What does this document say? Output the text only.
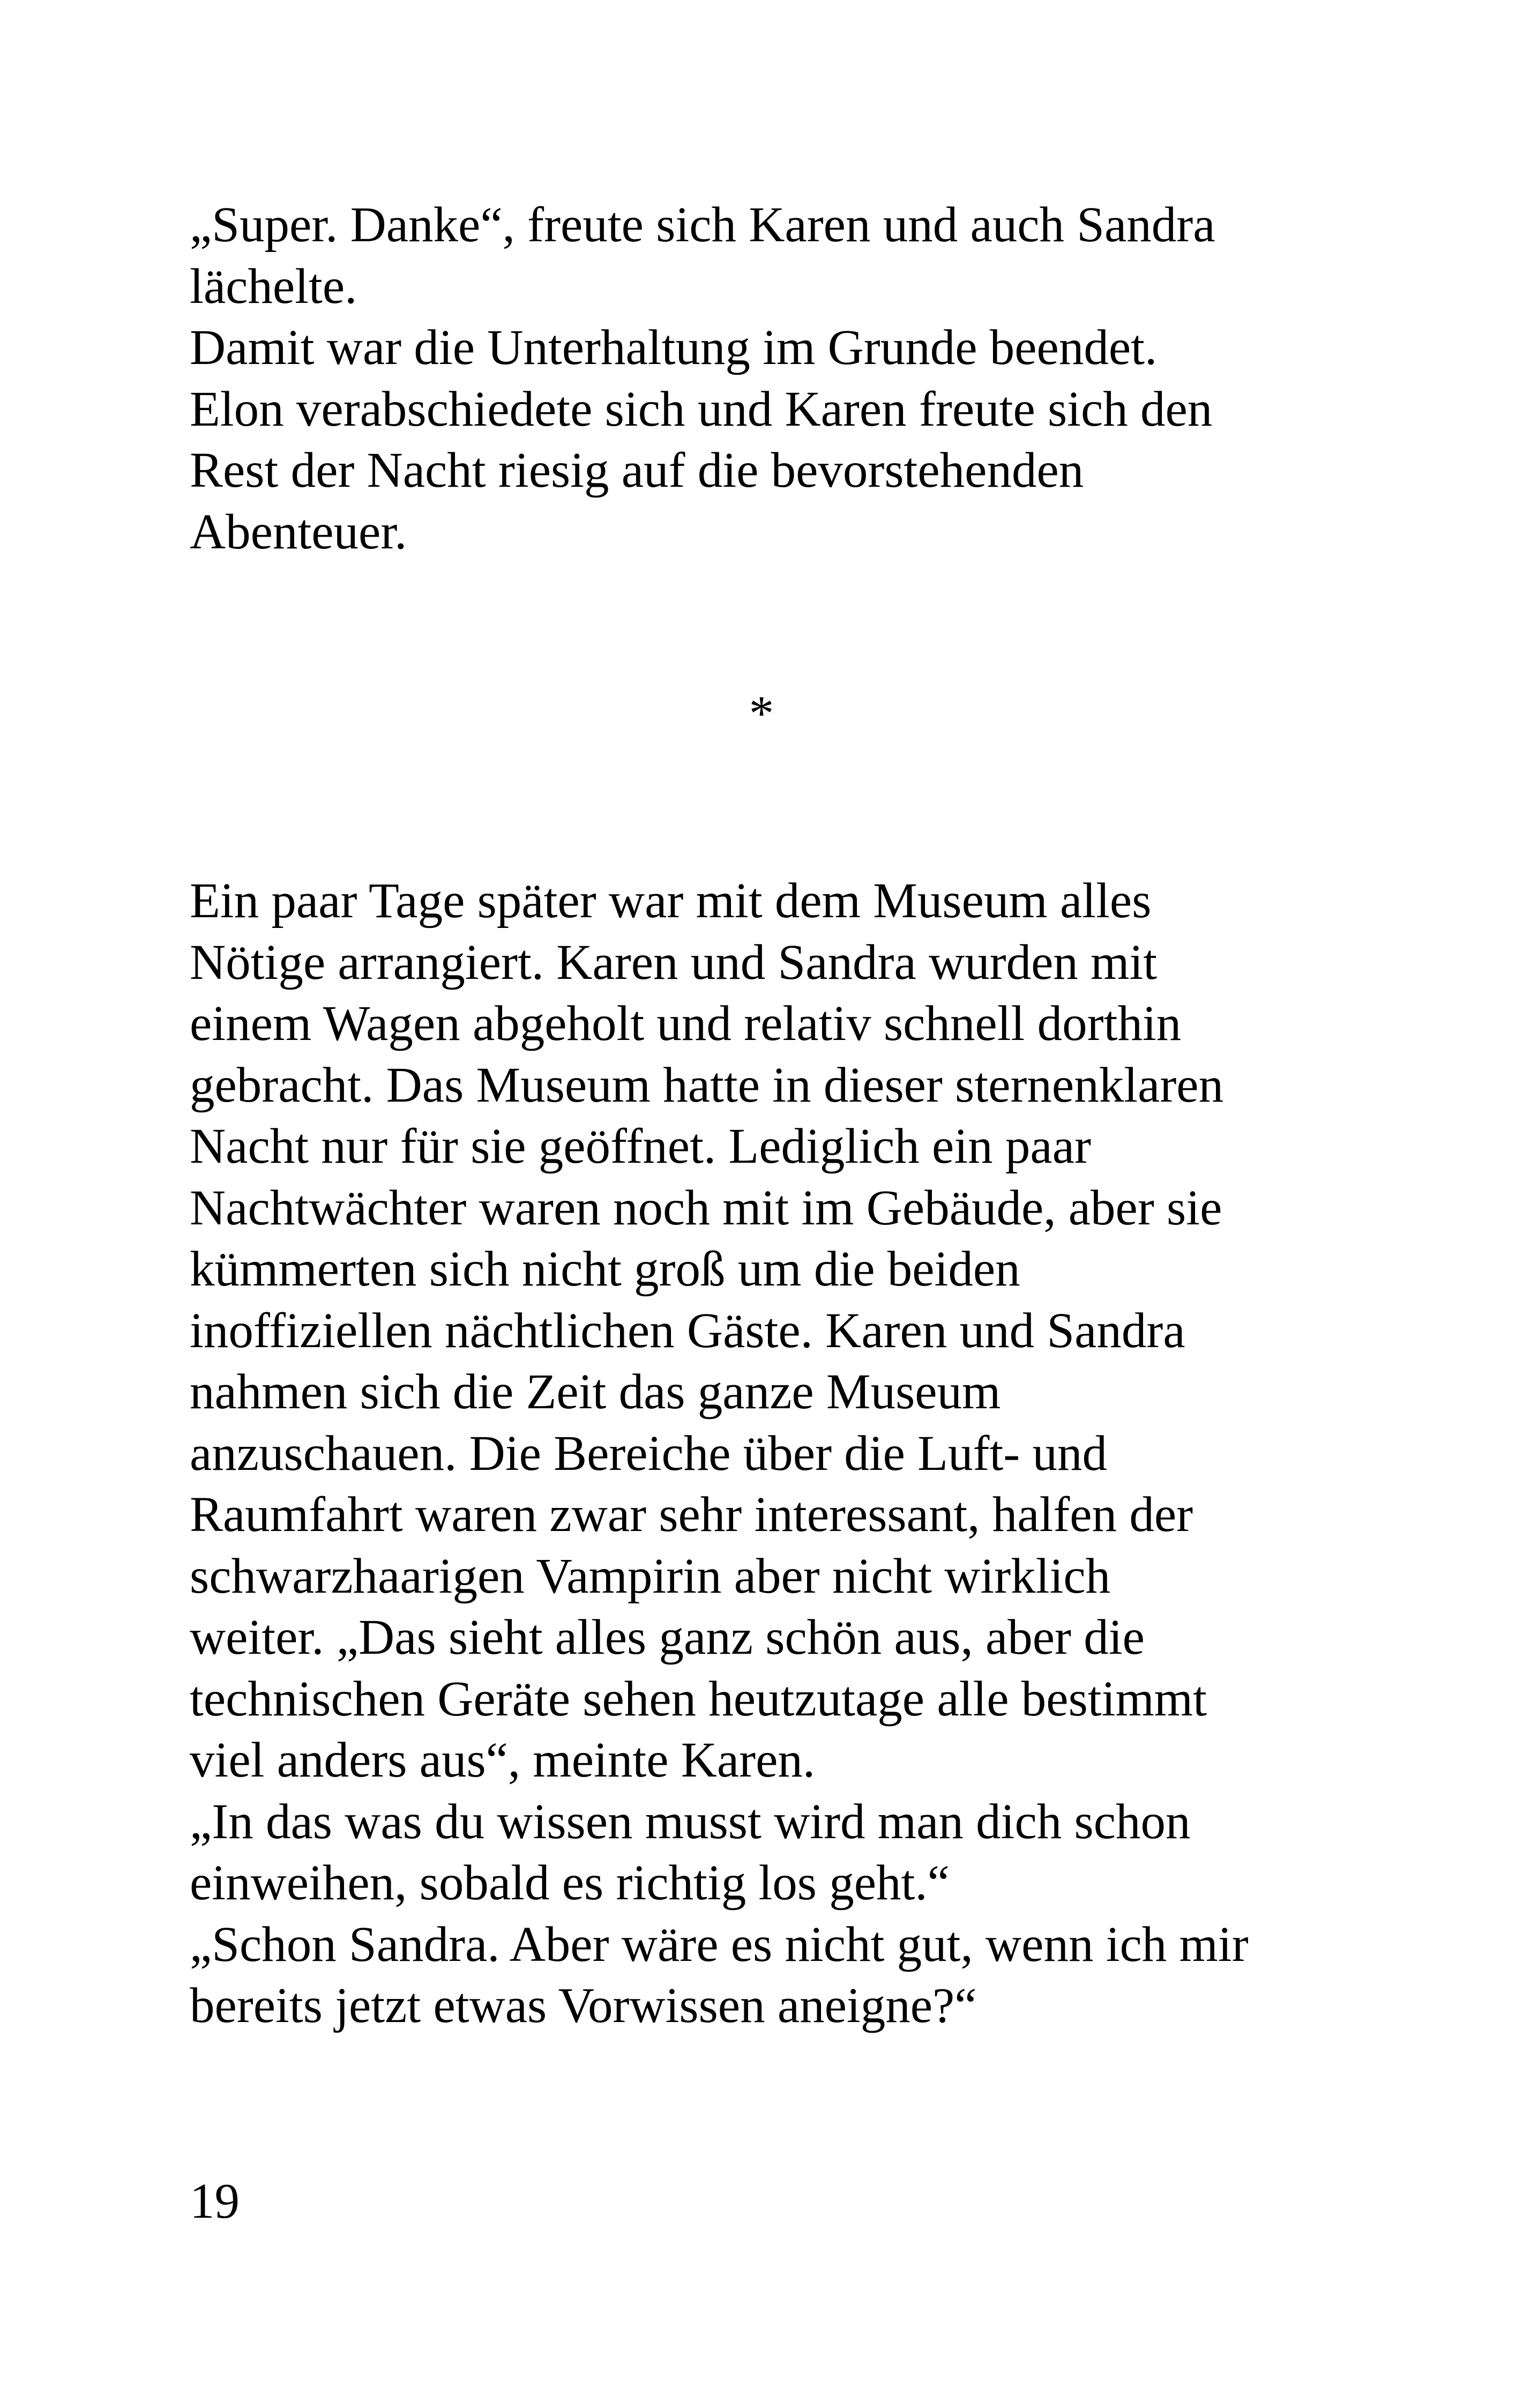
„Super. Danke“, freute sich Karen und auch Sandra
lächelte.
Damit war die Unterhaltung im Grunde beendet.
Elon verabschiedete sich und Karen freute sich den
Rest der Nacht riesig auf die bevorstehenden
Abenteuer.
*
Ein paar Tage später war mit dem Museum alles
Nötige arrangiert. Karen und Sandra wurden mit
einem Wagen abgeholt und relativ schnell dorthin
gebracht. Das Museum hatte in dieser sternenklaren
Nacht nur für sie geöffnet. Lediglich ein paar
Nachtwächter waren noch mit im Gebäude, aber sie
kümmerten sich nicht groß um die beiden
inoffiziellen nächtlichen Gäste. Karen und Sandra
nahmen sich die Zeit das ganze Museum
anzuschauen. Die Bereiche über die Luft- und
Raumfahrt waren zwar sehr interessant, halfen der
schwarzhaarigen Vampirin aber nicht wirklich
weiter. „Das sieht alles ganz schön aus, aber die
technischen Geräte sehen heutzutage alle bestimmt
viel anders aus“, meinte Karen.
„In das was du wissen musst wird man dich schon
einweihen, sobald es richtig los geht.“
„Schon Sandra. Aber wäre es nicht gut, wenn ich mir
bereits jetzt etwas Vorwissen aneigne?“
19
